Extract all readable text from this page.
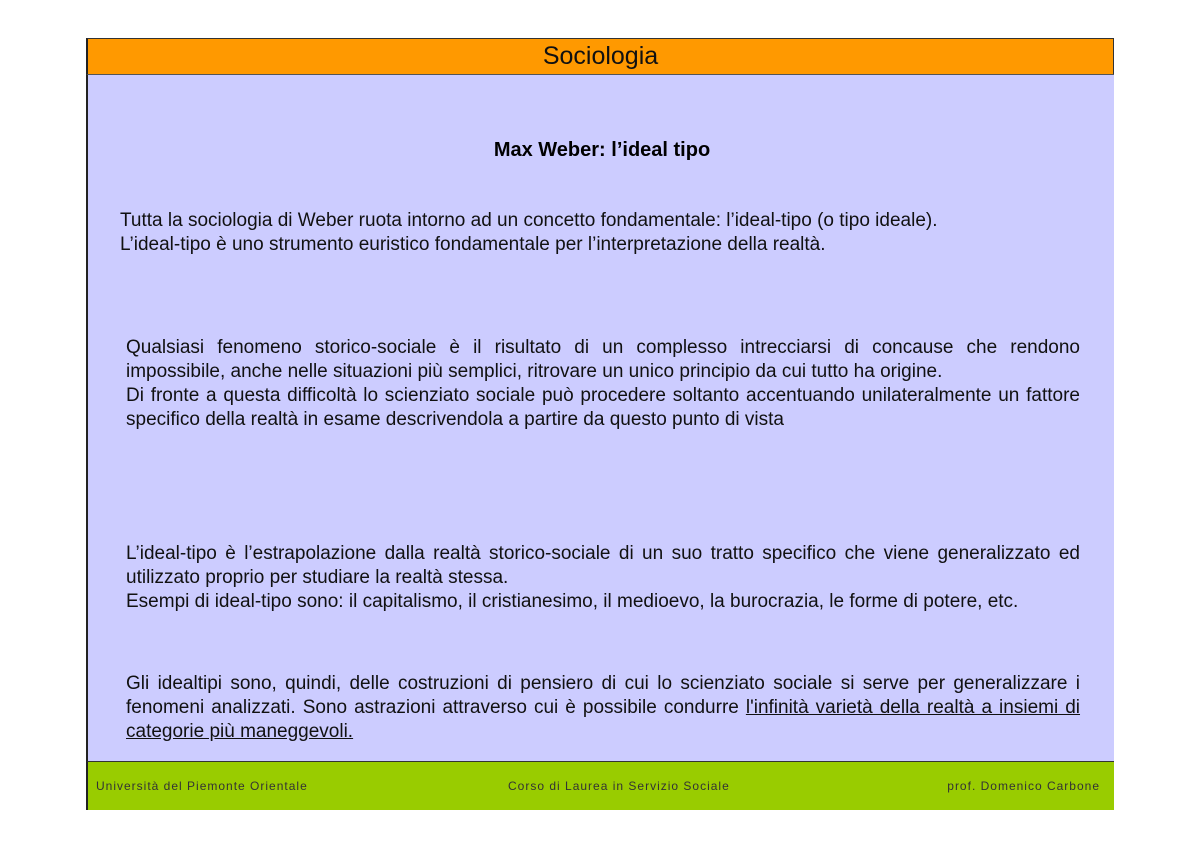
Sociologia
Max Weber: l’ideal tipo

Tutta la sociologia di Weber ruota intorno ad un concetto fondamentale: l’ideal-tipo (o tipo ideale).

L’ideal-tipo è uno strumento euristico fondamentale per l’interpretazione della realtà.

Qualsiasi fenomeno storico-sociale è il risultato di un complesso intrecciarsi di concause che rendono impossibile, anche nelle situazioni più semplici, ritrovare un unico principio da cui tutto ha origine.

Di fronte a questa difficoltà lo scienziato sociale può procedere soltanto accentuando unilateralmente un fattore specifico della realtà in esame descrivendola a partire da questo punto di vista

L’ideal-tipo è l’estrapolazione dalla realtà storico-sociale di un suo tratto specifico che viene generalizzato ed utilizzato proprio per studiare la realtà stessa.

Esempi di ideal-tipo sono: il capitalismo, il cristianesimo, il medioevo, la burocrazia, le forme di potere, etc.

Gli idealtipi sono, quindi, delle costruzioni di pensiero di cui lo scienziato sociale si serve per generalizzare i fenomeni analizzati. Sono astrazioni attraverso cui è possibile condurre l'infinità varietà della realtà a insiemi di categorie più maneggevoli.

Università del Piemonte Orientale	Corso di Laurea in Servizio Sociale	prof. Domenico Carbone
